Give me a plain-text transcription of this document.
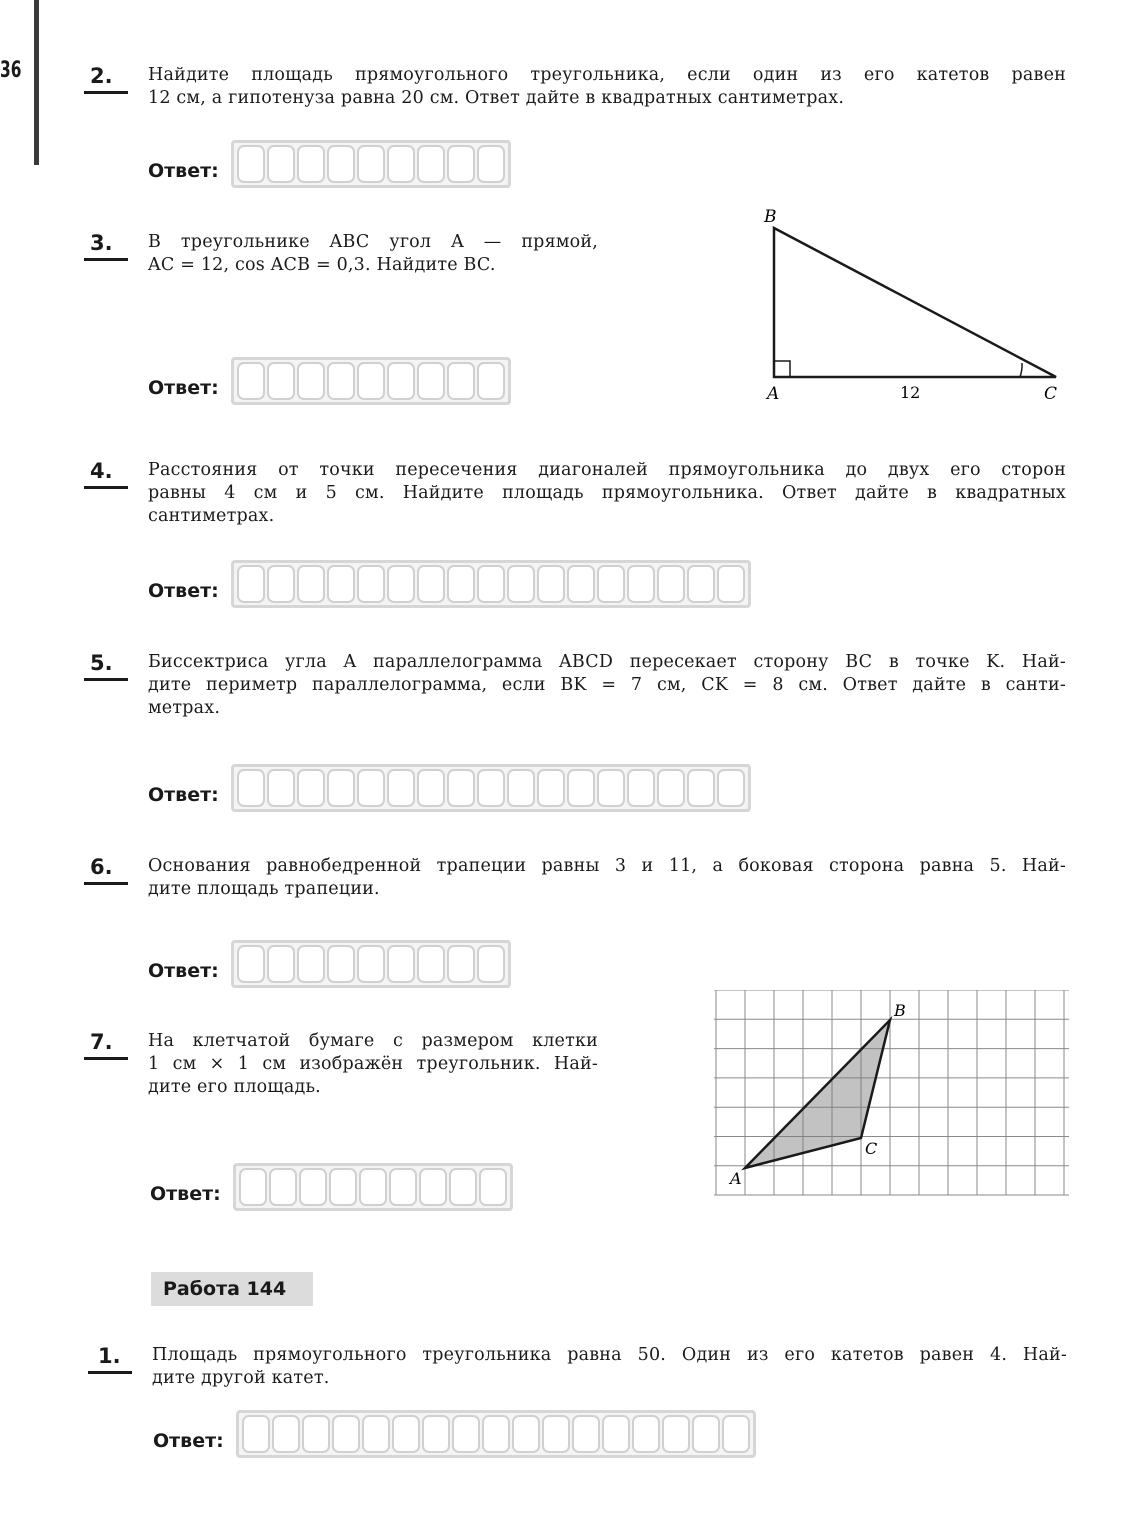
36	2. Найдите площадь прямоугольного треугольника, если один из его катетов равен
12 см, а гипотенуза равна 20 см. Ответ дайте в квадратных сантиметрах.
Ответ:
3. В треугольнике ABC угол A — прямой,
AC = 12, cos ACB = 0,3. Найдите BC.
Ответ:
B
A	C
12
4. Расстояния от точки пересечения диагоналей прямоугольника до двух его сторон
равны 4 см и 5 см. Найдите площадь прямоугольника. Ответ дайте в квадратных
сантиметрах.
Ответ:
5. Биссектриса угла A параллелограмма ABCD пересекает сторону BC в точке K. Най-
дите периметр параллелограмма, если BK = 7 см, CK = 8 см. Ответ дайте в санти-
метрах.
Ответ:
6. Основания равнобедренной трапеции равны 3 и 11, а боковая сторона равна 5. Най-
дите площадь трапеции.
Ответ:
7. На клетчатой бумаге с размером клетки
1 см × 1 см изображён треугольник. Най-
дите его площадь.
Ответ:
A
B
C
Работа 144
1. Площадь прямоугольного треугольника равна 50. Один из его катетов равен 4. Най-
дите другой катет.
Ответ:
